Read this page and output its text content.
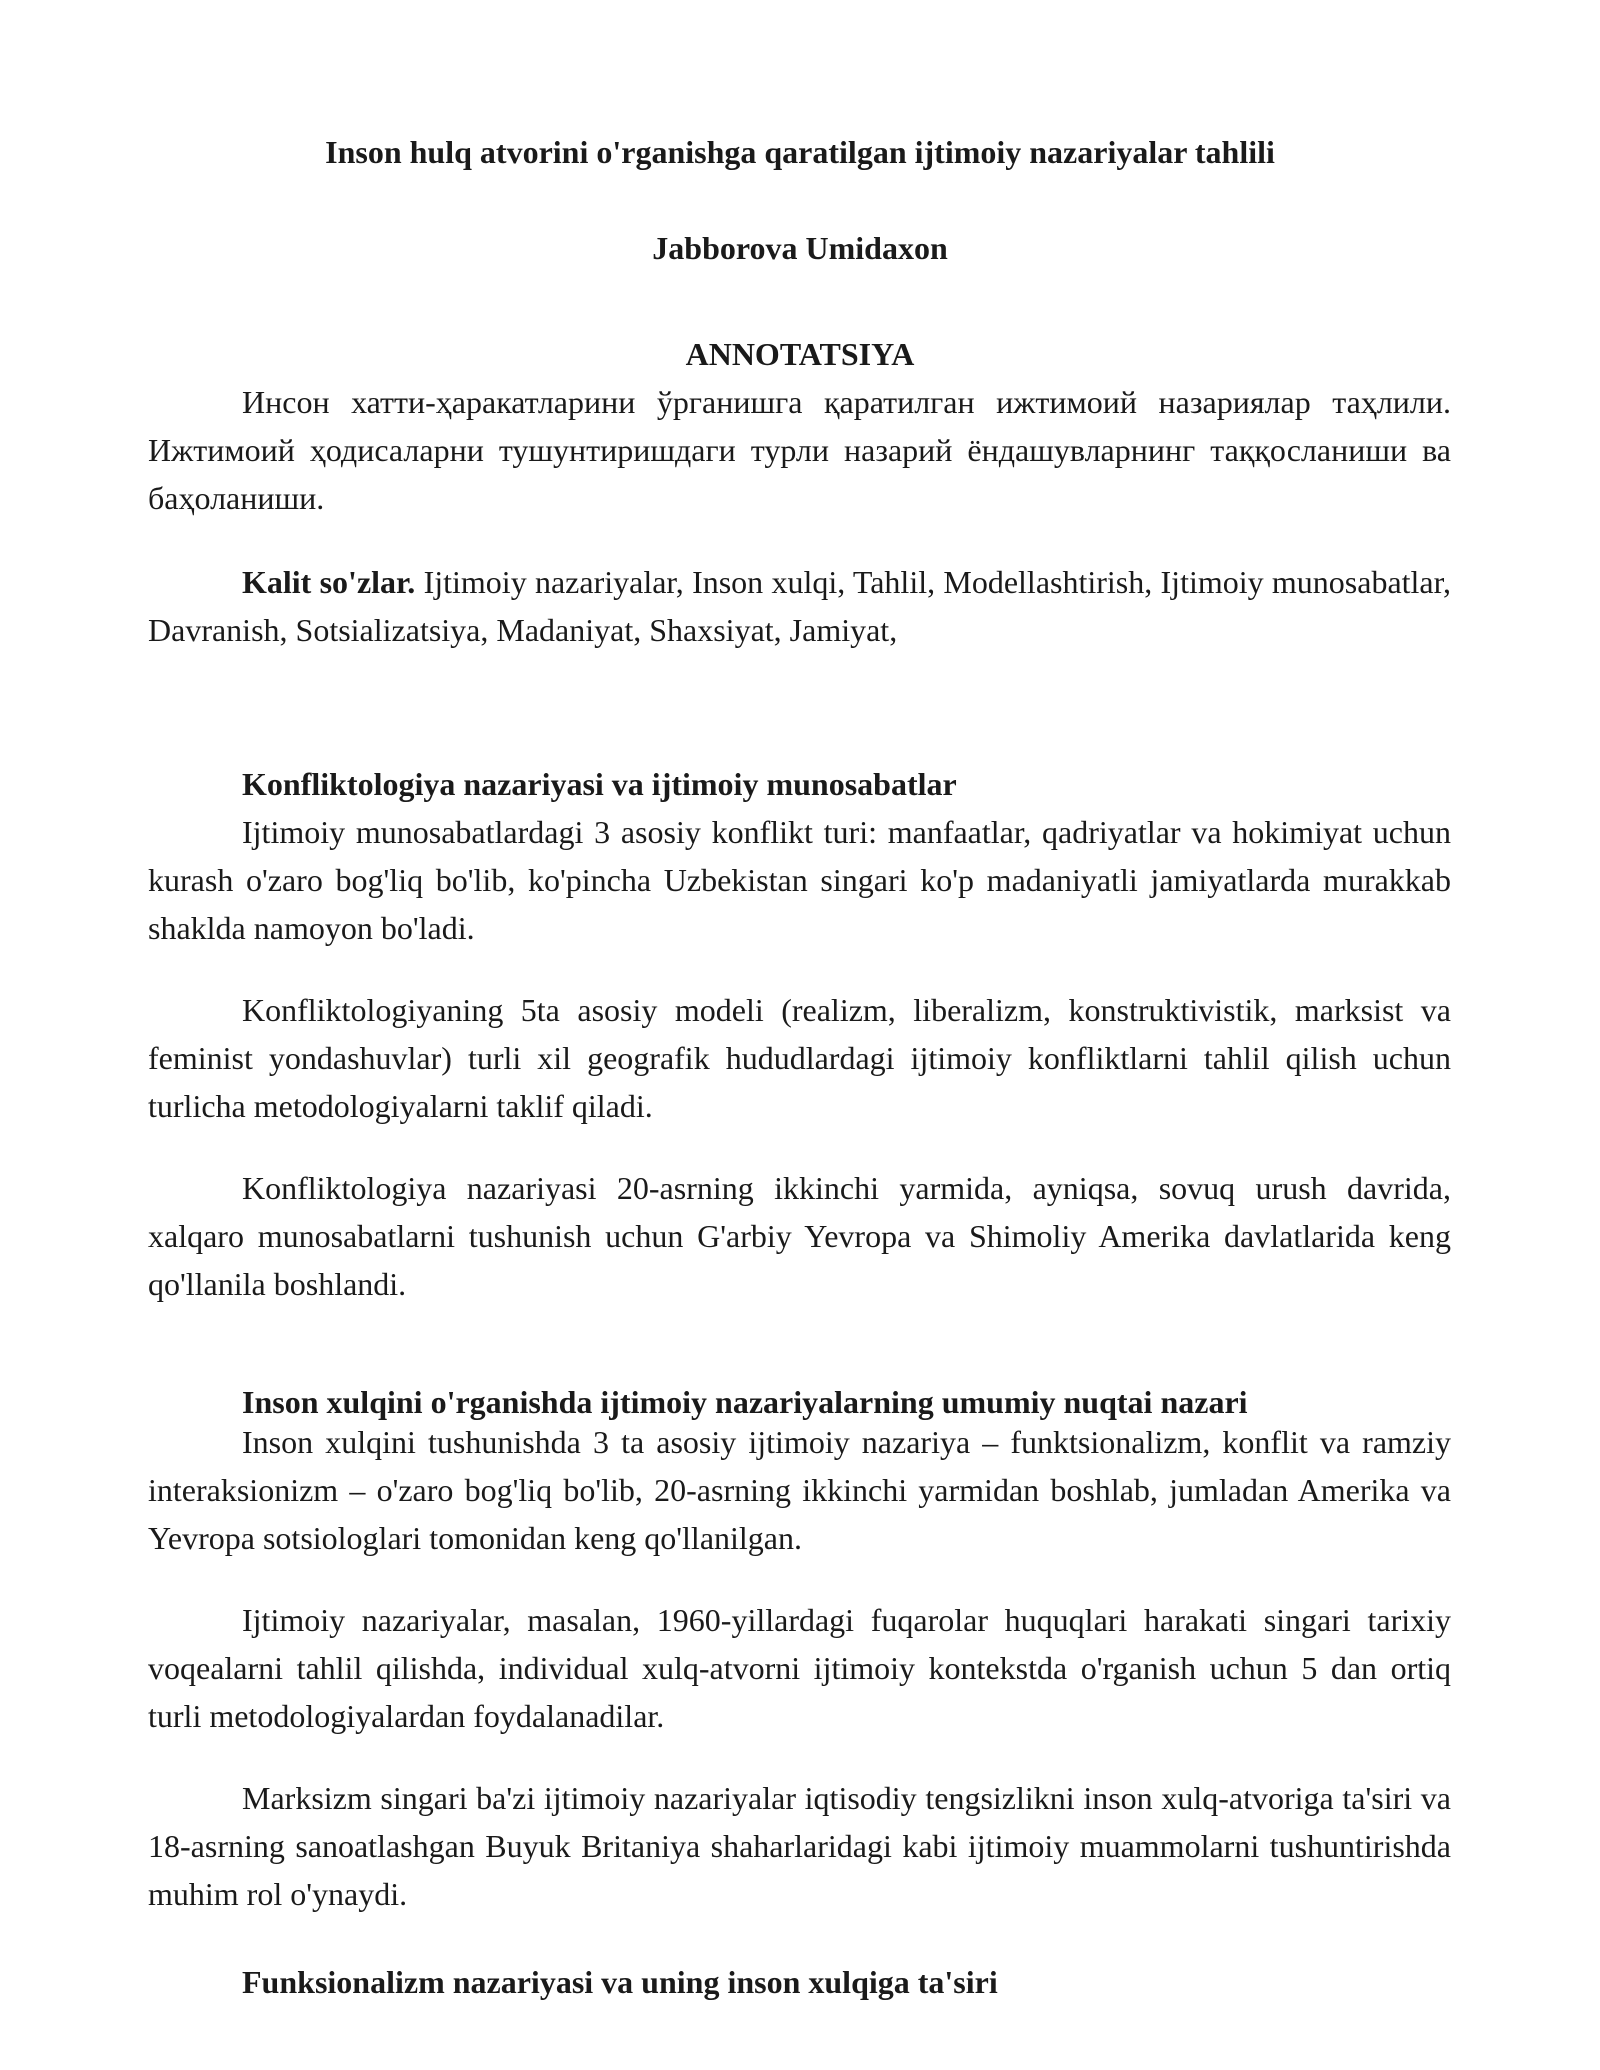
Inson hulq atvorini o'rganishga qaratilgan ijtimoiy nazariyalar tahlili
Jabborova Umidaxon
ANNOTATSIYA

Инсон хатти-ҳаракатларини ўрганишга қаратилган ижтимоий назариялар таҳлили. Ижтимоий ҳодисаларни тушунтиришдаги турли назарий ёндашувларнинг таққосланиши ва баҳоланиши.

Kalit so'zlar. Ijtimoiy nazariyalar, Inson xulqi, Tahlil, Modellashtirish, Ijtimoiy munosabatlar, Davranish, Sotsializatsiya, Madaniyat, Shaxsiyat, Jamiyat,

Konfliktologiya nazariyasi va ijtimoiy munosabatlar

Ijtimoiy munosabatlardagi 3 asosiy konflikt turi: manfaatlar, qadriyatlar va hokimiyat uchun kurash o'zaro bog'liq bo'lib, ko'pincha Uzbekistan singari ko'p madaniyatli jamiyatlarda murakkab shaklda namoyon bo'ladi.

Konfliktologiyaning 5ta asosiy modeli (realizm, liberalizm, konstruktivistik, marksist va feminist yondashuvlar) turli xil geografik hududlardagi ijtimoiy konfliktlarni tahlil qilish uchun turlicha metodologiyalarni taklif qiladi.

Konfliktologiya nazariyasi 20-asrning ikkinchi yarmida, ayniqsa, sovuq urush davrida, xalqaro munosabatlarni tushunish uchun G'arbiy Yevropa va Shimoliy Amerika davlatlarida keng qo'llanila boshlandi.

Inson xulqini o'rganishda ijtimoiy nazariyalarning umumiy nuqtai nazari

Inson xulqini tushunishda 3 ta asosiy ijtimoiy nazariya – funktsionalizm, konflit va ramziy interaksionizm – o'zaro bog'liq bo'lib, 20-asrning ikkinchi yarmidan boshlab, jumladan Amerika va Yevropa sotsiologlari tomonidan keng qo'llanilgan.

Ijtimoiy nazariyalar, masalan, 1960-yillardagi fuqarolar huquqlari harakati singari tarixiy voqealarni tahlil qilishda, individual xulq-atvorni ijtimoiy kontekstda o'rganish uchun 5 dan ortiq turli metodologiyalardan foydalanadilar.

Marksizm singari ba'zi ijtimoiy nazariyalar iqtisodiy tengsizlikni inson xulq-atvoriga ta'siri va 18-asrning sanoatlashgan Buyuk Britaniya shaharlaridagi kabi ijtimoiy muammolarni tushuntirishda muhim rol o'ynaydi.

Funksionalizm nazariyasi va uning inson xulqiga ta'siri
